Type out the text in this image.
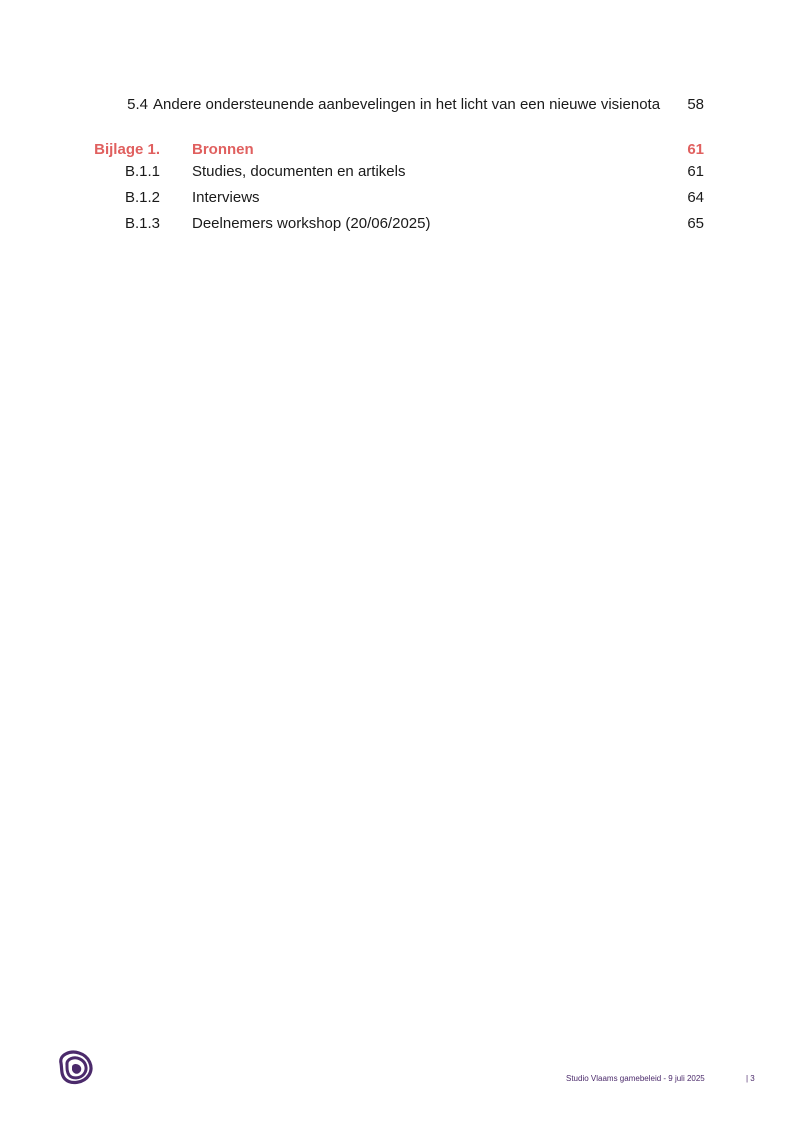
5.4 Andere ondersteunende aanbevelingen in het licht van een nieuwe visienota 58
Bijlage 1. Bronnen	61
B.1.1 Studies, documenten en artikels	61
B.1.2 Interviews	64
B.1.3 Deelnemers workshop (20/06/2025)	65
Studio Vlaams gamebeleid - 9 juli 2025	| 3
